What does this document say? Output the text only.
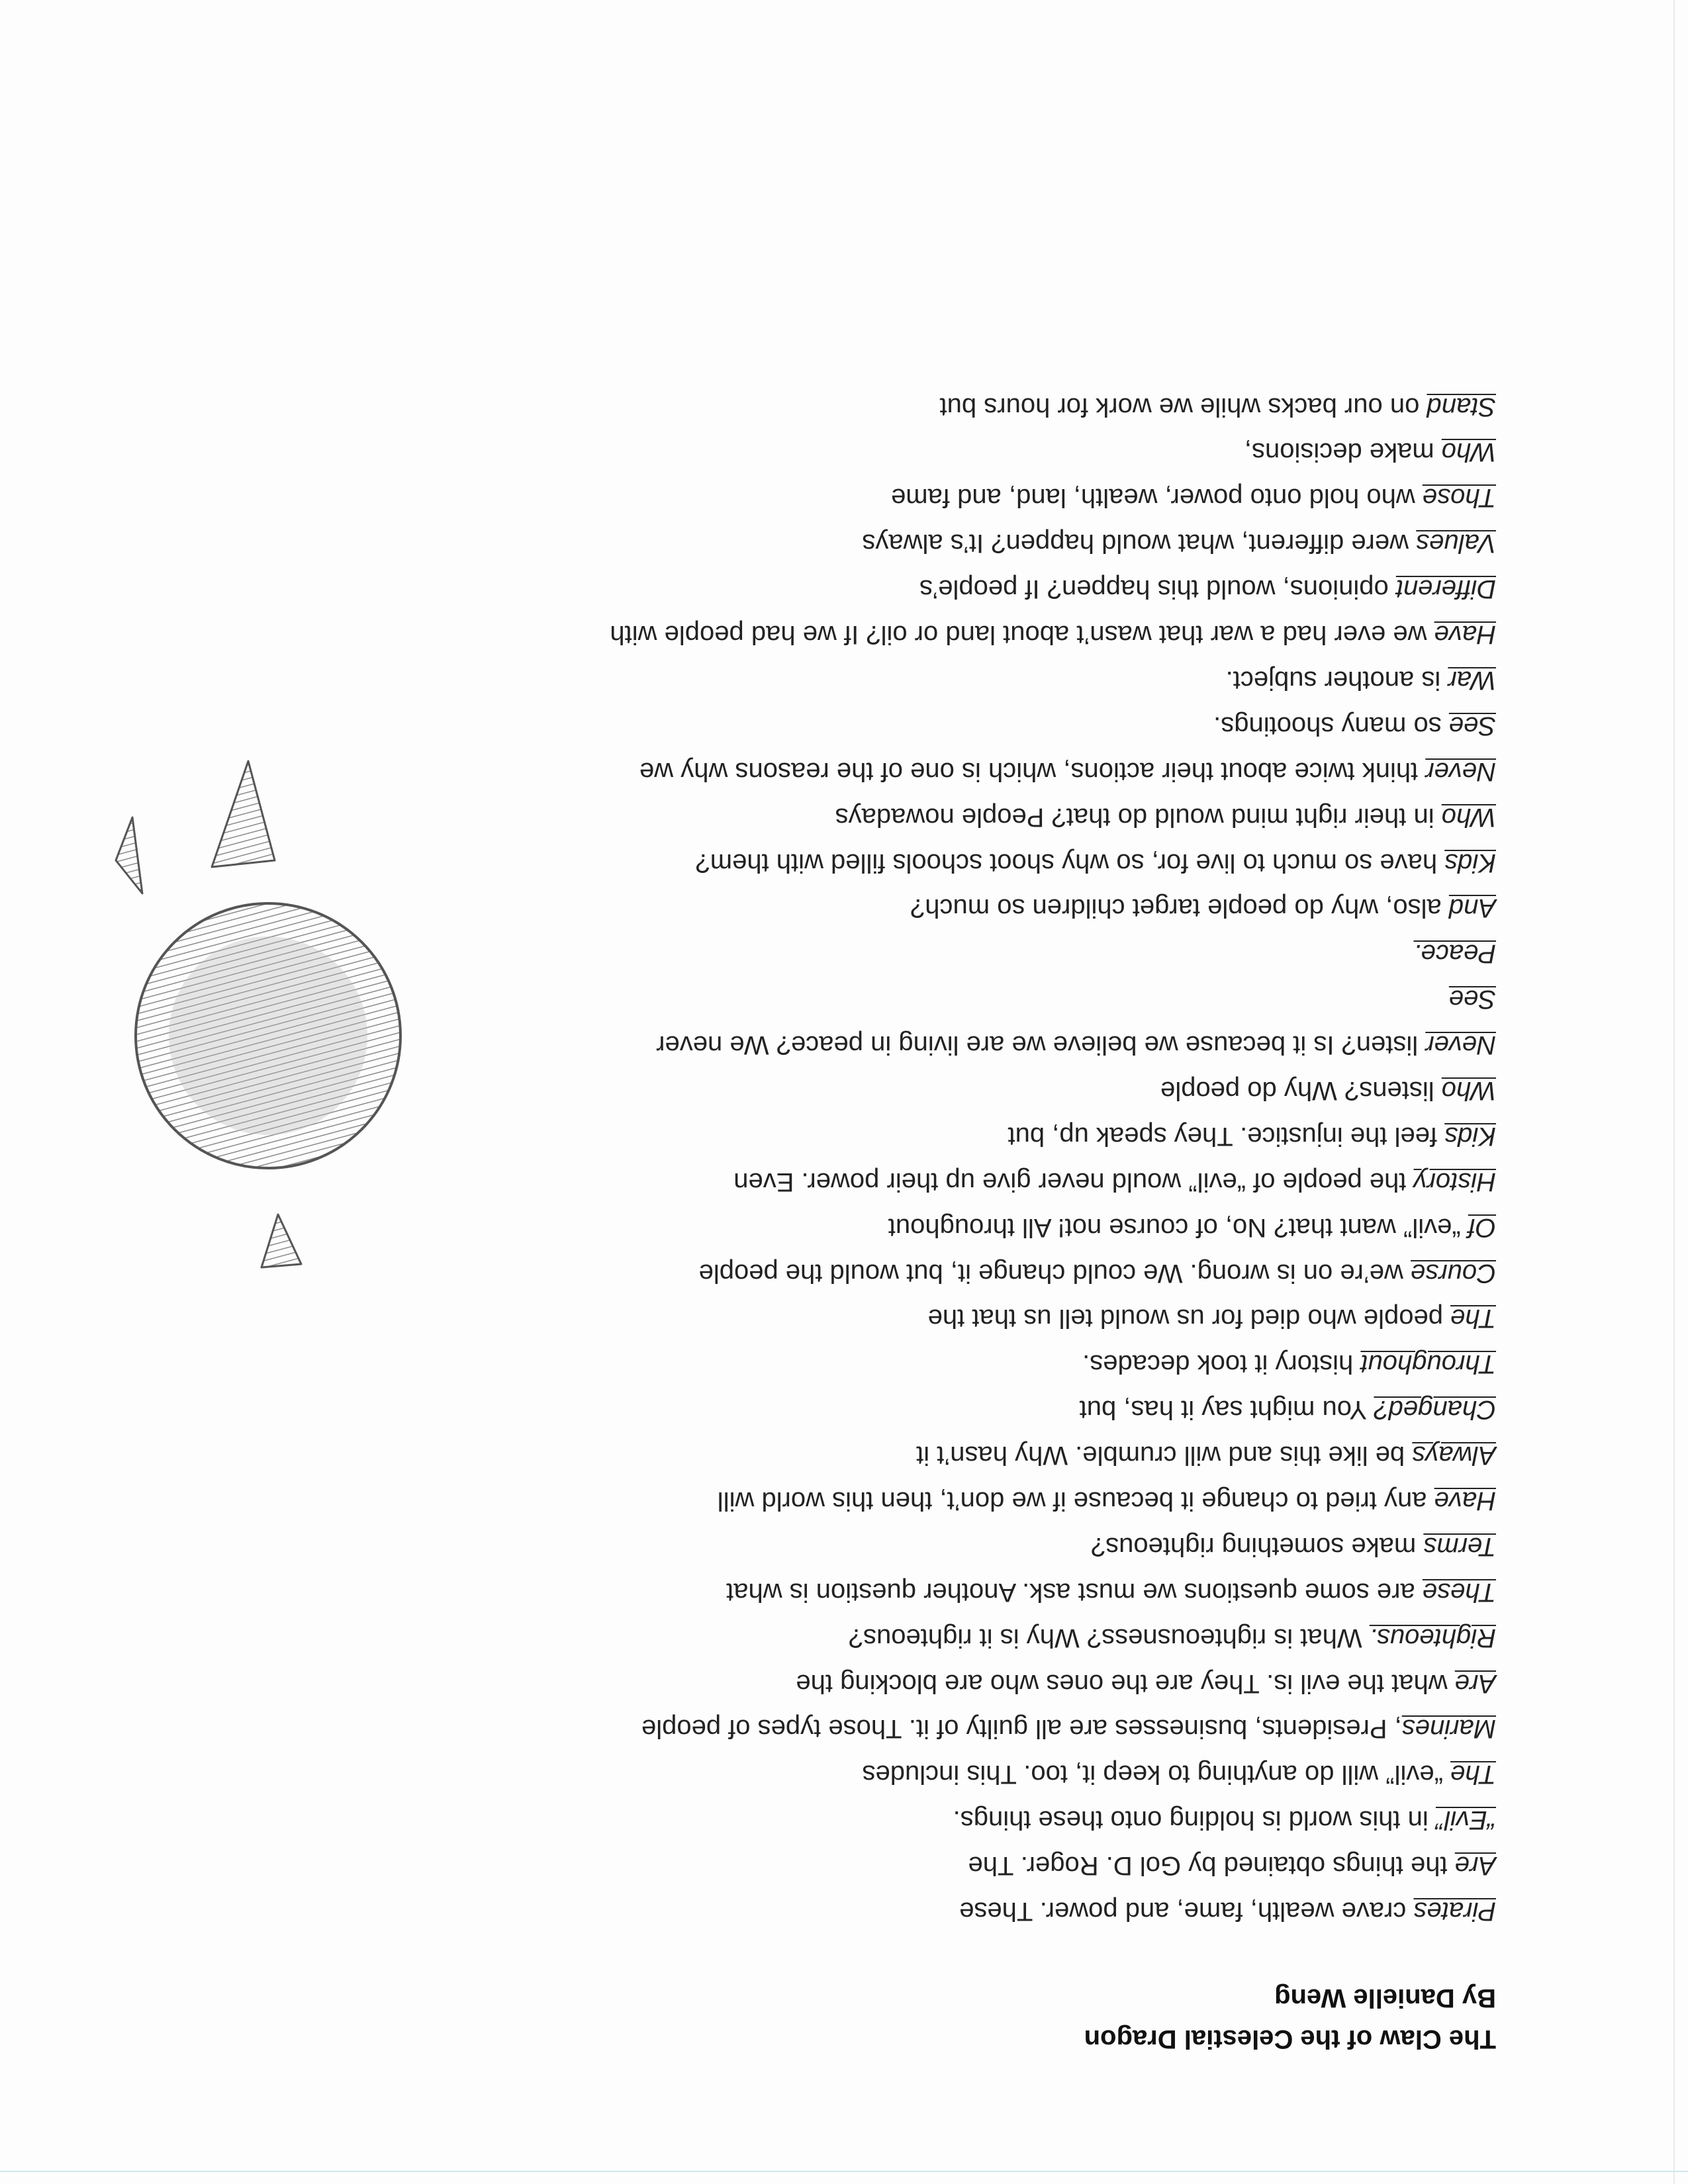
The Claw of the Celestial Dragon
By Danielle Weng
Pirates crave wealth, fame, and power. These
Are the things obtained by Gol D. Roger. The
“Evil” in this world is holding onto these things.
The “evil” will do anything to keep it, too. This includes
Marines, Presidents, businesses are all guilty of it. Those types of people
Are what the evil is. They are the ones who are blocking the
Righteous. What is righteousness? Why is it righteous?
These are some questions we must ask. Another question is what
Terms make something righteous?
Have any tried to change it because if we don’t, then this world will
Always be like this and will crumble. Why hasn’t it
Changed? You might say it has, but
Throughout history it took decades.
The people who died for us would tell us that the
Course we’re on is wrong. We could change it, but would the people
Of “evil” want that? No, of course not! All throughout
History the people of “evil” would never give up their power. Even
Kids feel the injustice. They speak up, but
Who listens? Why do people
Never listen? Is it because we believe we are living in peace? We never
See
Peace.
And also, why do people target children so much?
Kids have so much to live for, so why shoot schools filled with them?
Who in their right mind would do that? People nowadays
Never think twice about their actions, which is one of the reasons why we
See so many shootings.
War is another subject.
Have we ever had a war that wasn’t about land or oil? If we had people with
Different opinions, would this happen? If people’s
Values were different, what would happen? It’s always
Those who hold onto power, wealth, land, and fame
Who make decisions,
Stand on our backs while we work for hours but
